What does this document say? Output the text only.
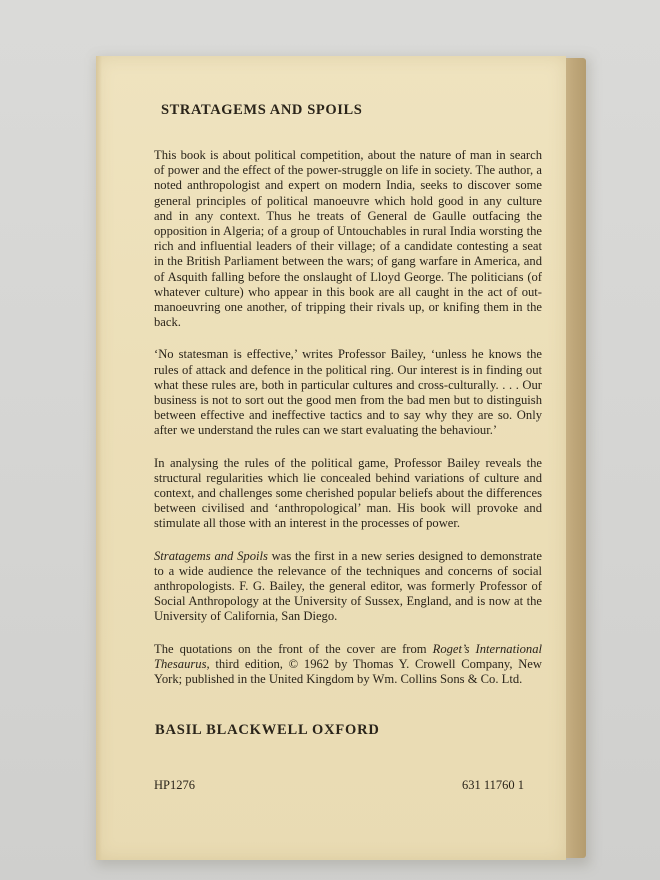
STRATAGEMS AND SPOILS

This book is about political competition, about the nature of man in search of power and the effect of the power-struggle on life in society. The author, a noted anthropologist and expert on modern India, seeks to discover some general principles of political manoeuvre which hold good in any culture and in any context. Thus he treats of General de Gaulle outfacing the opposition in Algeria; of a group of Untouchables in rural India worsting the rich and influential leaders of their village; of a candidate contesting a seat in the British Parliament between the wars; of gang warfare in America, and of Asquith falling before the onslaught of Lloyd George. The politicians (of whatever culture) who appear in this book are all caught in the act of out-manoeuvring one another, of tripping their rivals up, or knifing them in the back.

‘No statesman is effective,’ writes Professor Bailey, ‘unless he knows the rules of attack and defence in the political ring. Our interest is in finding out what these rules are, both in particular cultures and cross-culturally. . . . Our business is not to sort out the good men from the bad men but to distinguish between effective and ineffective tactics and to say why they are so. Only after we understand the rules can we start evaluating the behaviour.’

In analysing the rules of the political game, Professor Bailey reveals the structural regularities which lie concealed behind variations of culture and context, and challenges some cherished popular beliefs about the differences between civilised and ‘anthropological’ man. His book will provoke and stimulate all those with an interest in the processes of power.

Stratagems and Spoils was the first in a new series designed to demonstrate to a wide audience the relevance of the techniques and concerns of social anthropologists. F. G. Bailey, the general editor, was formerly Professor of Social Anthropology at the University of Sussex, England, and is now at the University of California, San Diego.

The quotations on the front of the cover are from Roget’s International Thesaurus, third edition, © 1962 by Thomas Y. Crowell Company, New York; published in the United Kingdom by Wm. Collins Sons & Co. Ltd.

BASIL BLACKWELL OXFORD

HP1276	631 11760 1
